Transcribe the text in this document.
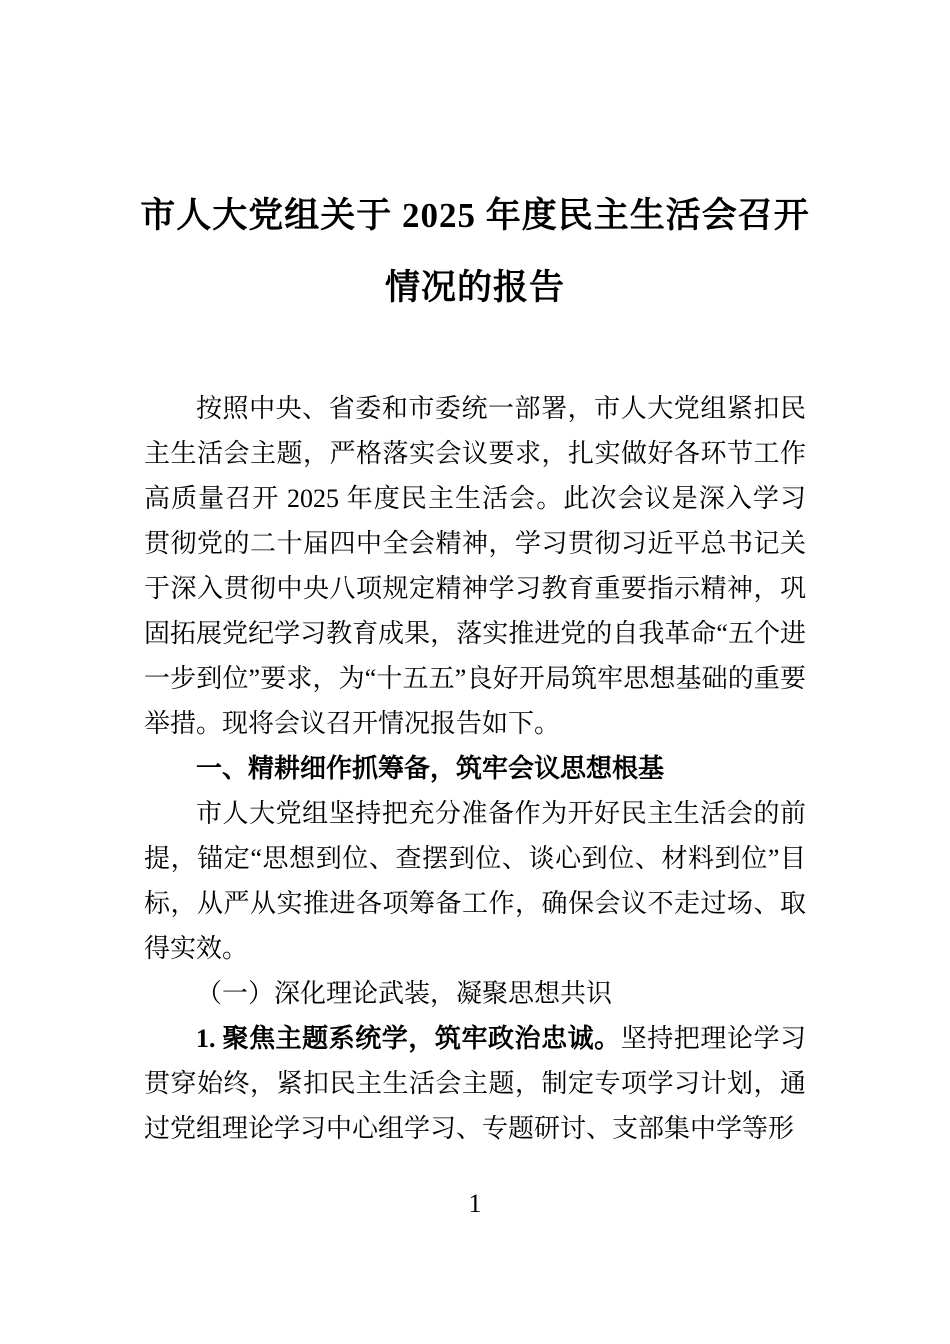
市人大党组关于 2025 年度民主生活会召开
情况的报告

按照中央、省委和市委统一部署，市人大党组紧扣民主生活会主题，严格落实会议要求，扎实做好各环节工作高质量召开 2025 年度民主生活会。此次会议是深入学习贯彻党的二十届四中全会精神，学习贯彻习近平总书记关于深入贯彻中央八项规定精神学习教育重要指示精神，巩固拓展党纪学习教育成果，落实推进党的自我革命“五个进一步到位”要求，为“十五五”良好开局筑牢思想基础的重要举措。现将会议召开情况报告如下。

一、精耕细作抓筹备，筑牢会议思想根基

市人大党组坚持把充分准备作为开好民主生活会的前提，锚定“思想到位、查摆到位、谈心到位、材料到位”目标，从严从实推进各项筹备工作，确保会议不走过场、取得实效。

（一）深化理论武装，凝聚思想共识

1. 聚焦主题系统学，筑牢政治忠诚。坚持把理论学习贯穿始终，紧扣民主生活会主题，制定专项学习计划，通过党组理论学习中心组学习、专题研讨、支部集中学等形

1
